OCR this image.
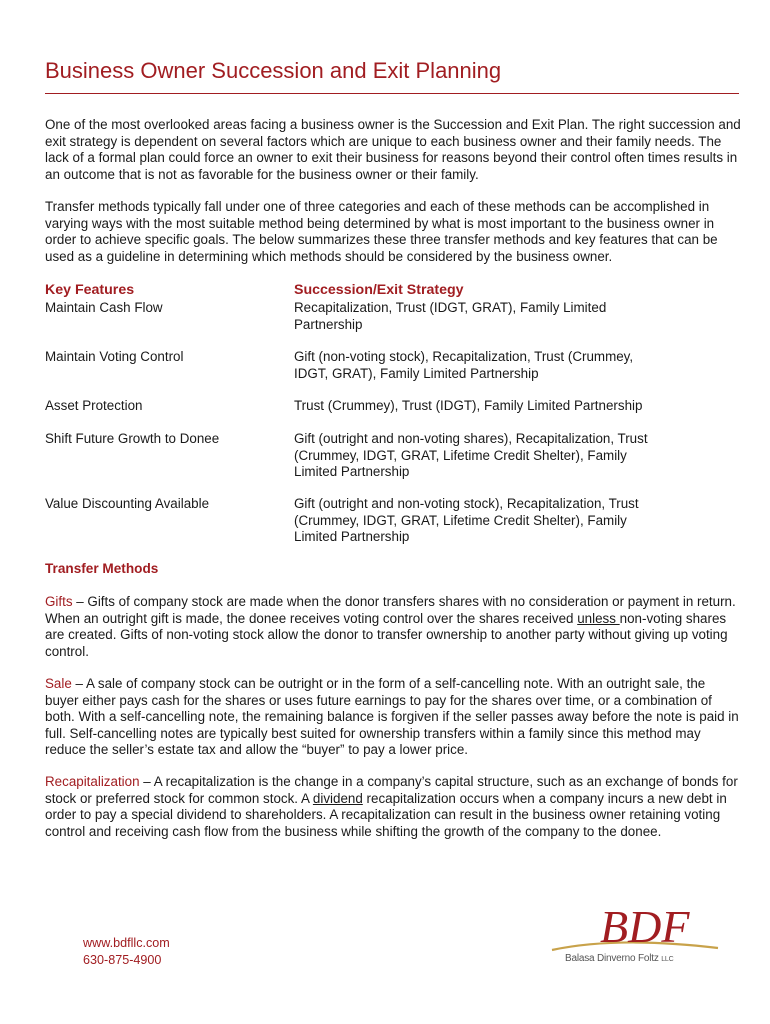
Business Owner Succession and Exit Planning

One of the most overlooked areas facing a business owner is the Succession and Exit Plan. The right succession and exit strategy is dependent on several factors which are unique to each business owner and their family needs. The lack of a formal plan could force an owner to exit their business for reasons beyond their control often times results in an outcome that is not as favorable for the business owner or their family.

Transfer methods typically fall under one of three categories and each of these methods can be accomplished in varying ways with the most suitable method being determined by what is most important to the business owner in order to achieve specific goals. The below summarizes these three transfer methods and key features that can be used as a guideline in determining which methods should be considered by the business owner.

Key Features	Succession/Exit Strategy
Maintain Cash Flow	Recapitalization, Trust (IDGT, GRAT), Family Limited Partnership
Maintain Voting Control	Gift (non-voting stock), Recapitalization, Trust (Crummey, IDGT, GRAT), Family Limited Partnership
Asset Protection	Trust (Crummey), Trust (IDGT), Family Limited Partnership
Shift Future Growth to Donee	Gift (outright and non-voting shares), Recapitalization, Trust (Crummey, IDGT, GRAT, Lifetime Credit Shelter), Family Limited Partnership
Value Discounting Available	Gift (outright and non-voting stock), Recapitalization, Trust (Crummey, IDGT, GRAT, Lifetime Credit Shelter), Family Limited Partnership
Transfer Methods

Gifts – Gifts of company stock are made when the donor transfers shares with no consideration or payment in return. When an outright gift is made, the donee receives voting control over the shares received unless non-voting shares are created. Gifts of non-voting stock allow the donor to transfer ownership to another party without giving up voting control.

Sale – A sale of company stock can be outright or in the form of a self-cancelling note. With an outright sale, the buyer either pays cash for the shares or uses future earnings to pay for the shares over time, or a combination of both. With a self-cancelling note, the remaining balance is forgiven if the seller passes away before the note is paid in full. Self-cancelling notes are typically best suited for ownership transfers within a family since this method may reduce the seller’s estate tax and allow the “buyer” to pay a lower price.

Recapitalization – A recapitalization is the change in a company’s capital structure, such as an exchange of bonds for stock or preferred stock for common stock. A dividend recapitalization occurs when a company incurs a new debt in order to pay a special dividend to shareholders. A recapitalization can result in the business owner retaining voting control and receiving cash flow from the business while shifting the growth of the company to the donee.

www.bdfllc.com
630-875-4900
BDF
Balasa Dinverno Foltz LLC
